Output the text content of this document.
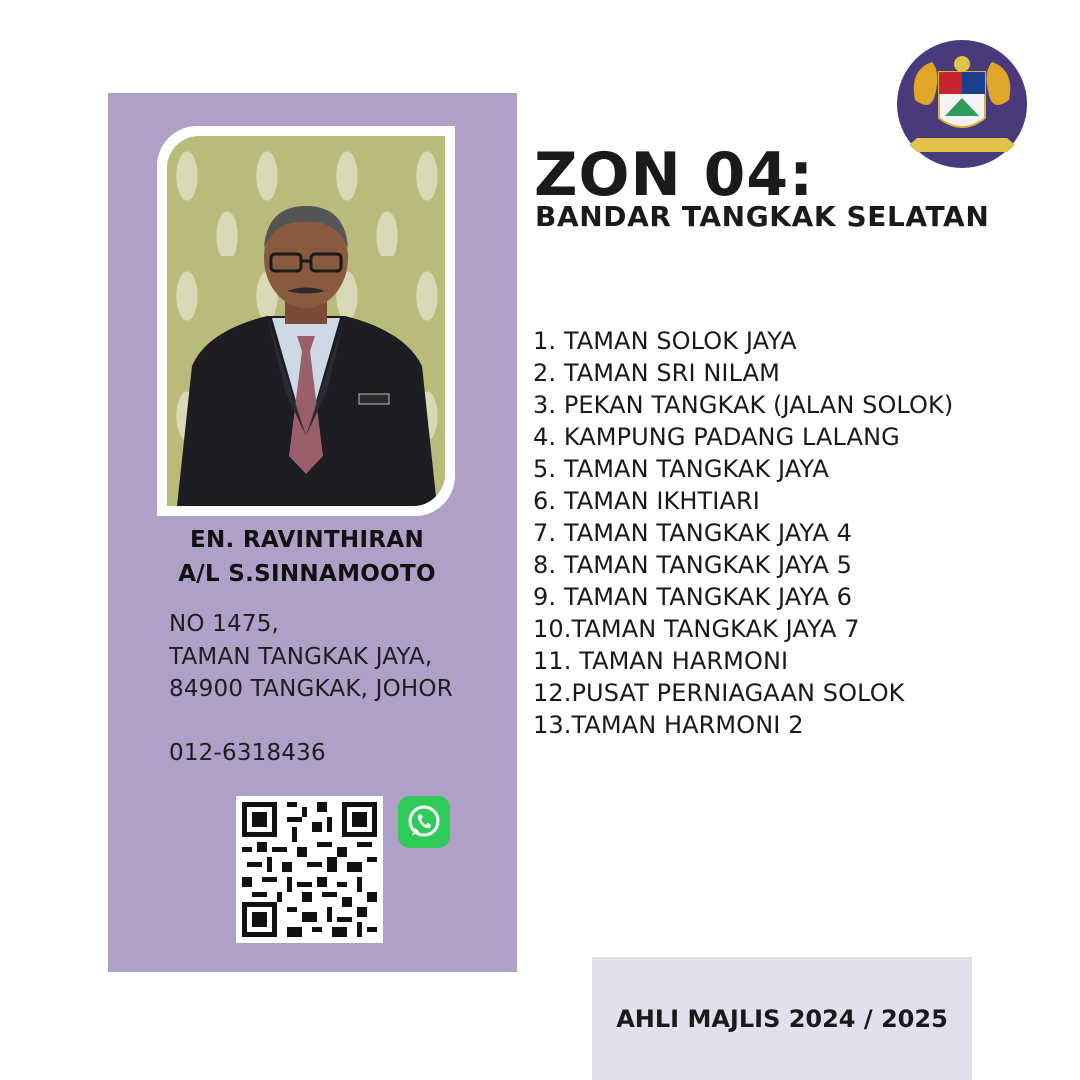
EN. RAVINTHIRAN
A/L S.SINNAMOOTO
NO 1475,
TAMAN TANGKAK JAYA,
84900 TANGKAK, JOHOR
012-6318436
ZON 04:
BANDAR TANGKAK SELATAN
1. TAMAN SOLOK JAYA
2. TAMAN SRI NILAM
3. PEKAN TANGKAK (JALAN SOLOK)
4. KAMPUNG PADANG LALANG
5. TAMAN TANGKAK JAYA
6. TAMAN IKHTIARI
7. TAMAN TANGKAK JAYA 4
8. TAMAN TANGKAK JAYA 5
9. TAMAN TANGKAK JAYA 6
10.TAMAN TANGKAK JAYA 7
11. TAMAN HARMONI
12.PUSAT PERNIAGAAN SOLOK
13.TAMAN HARMONI 2
AHLI MAJLIS 2024 / 2025
